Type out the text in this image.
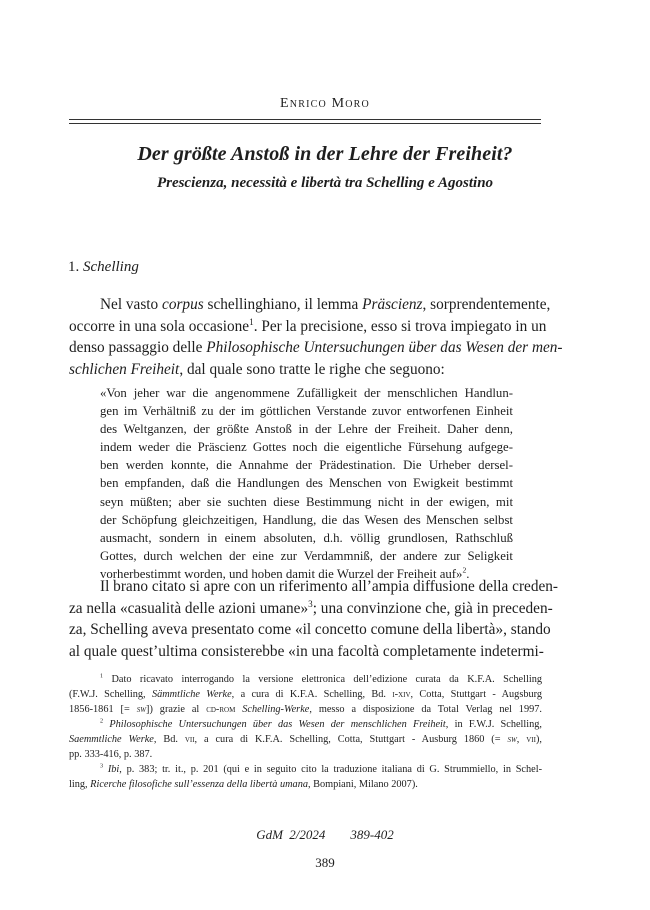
Enrico Moro
Der größte Anstoß in der Lehre der Freiheit?
Prescienza, necessità e libertà tra Schelling e Agostino
1. Schelling
Nel vasto corpus schellinghiano, il lemma Präscienz, sorprendentemente,
occorre in una sola occasione$^1$. Per la precisione, esso si trova impiegato in un
denso passaggio delle Philosophische Untersuchungen über das Wesen der men-
schlichen Freiheit, dal quale sono tratte le righe che seguono:
«Von jeher war die angenommene Zufälligkeit der menschlichen Handlun-
gen im Verhältniß zu der im göttlichen Verstande zuvor entworfenen Einheit
des Weltganzen, der größte Anstoß in der Lehre der Freiheit. Daher denn,
indem weder die Präscienz Gottes noch die eigentliche Fürsehung aufgege-
ben werden konnte, die Annahme der Prädestination. Die Urheber dersel-
ben empfanden, daß die Handlungen des Menschen von Ewigkeit bestimmt
seyn müßten; aber sie suchten diese Bestimmung nicht in der ewigen, mit
der Schöpfung gleichzeitigen, Handlung, die das Wesen des Menschen selbst
ausmacht, sondern in einem absoluten, d.h. völlig grundlosen, Rathschluß
Gottes, durch welchen der eine zur Verdammniß, der andere zur Seligkeit
vorherbestimmt worden, und hoben damit die Wurzel der Freiheit auf»$^2$.
Il brano citato si apre con un riferimento all’ampia diffusione della creden-
za nella «casualità delle azioni umane»$^3$; una convinzione che, già in preceden-
za, Schelling aveva presentato come «il concetto comune della libertà», stando
al quale quest’ultima consisterebbe «in una facoltà completamente indetermi-
$^1$ Dato ricavato interrogando la versione elettronica dell’edizione curata da K.F.A. Schelling
(F.W.J. Schelling, Sämmtliche Werke, a cura di K.F.A. Schelling, Bd. i-xiv, Cotta, Stuttgart - Augsburg
1856-1861 [= sw]) grazie al cd-rom Schelling-Werke, messo a disposizione da Total Verlag nel 1997.
$^2$ Philosophische Untersuchungen über das Wesen der menschlichen Freiheit, in F.W.J. Schelling,
Saemmtliche Werke, Bd. vii, a cura di K.F.A. Schelling, Cotta, Stuttgart - Ausburg 1860 (= sw, vii),
pp. 333-416, p. 387.
$^3$ Ibi, p. 383; tr. it., p. 201 (qui e in seguito cito la traduzione italiana di G. Strummiello, in Schel-
ling, Ricerche filosofiche sull’essenza della libertà umana, Bompiani, Milano 2007).
GdM 2/2024 389-402
389
